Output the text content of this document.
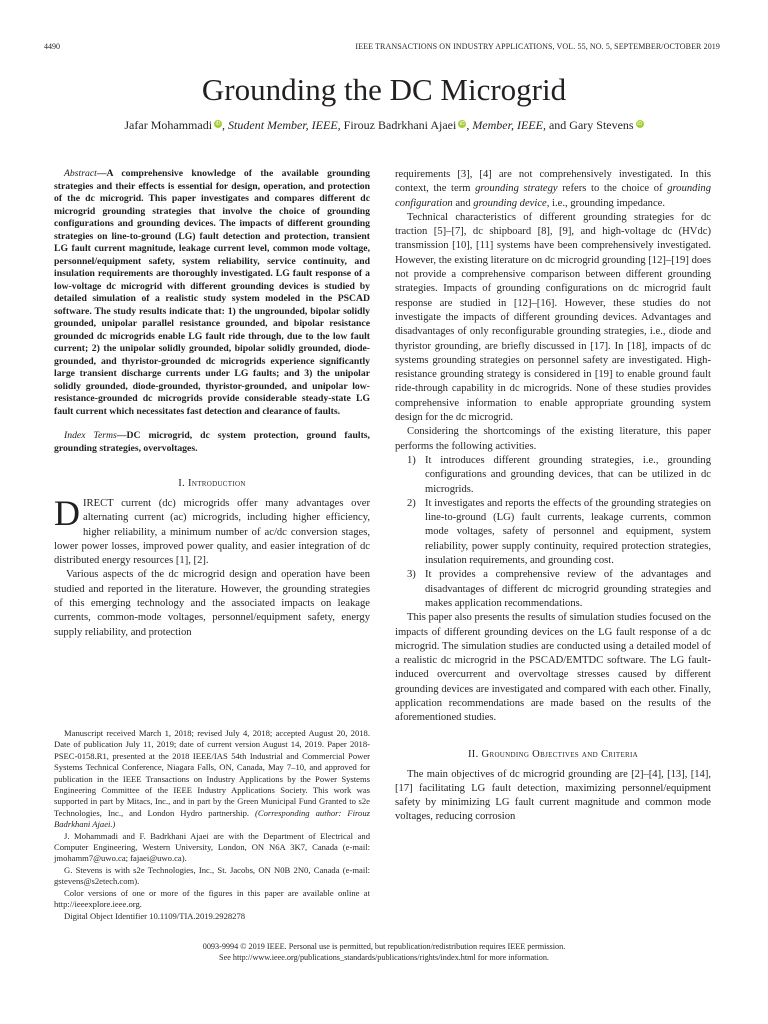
4490	IEEE TRANSACTIONS ON INDUSTRY APPLICATIONS, VOL. 55, NO. 5, SEPTEMBER/OCTOBER 2019
Grounding the DC Microgrid
Jafar Mohammadi iD , Student Member, IEEE, Firouz Badrkhani Ajaei iD , Member, IEEE, and Gary Stevens iD

Abstract—A comprehensive knowledge of the available grounding strategies and their effects is essential for design, operation, and protection of the dc microgrid. This paper investigates and compares different dc microgrid grounding strategies that involve the choice of grounding configurations and grounding devices. The impacts of different grounding strategies on line-to-ground (LG) fault detection and protection, transient LG fault current magnitude, leakage current level, common mode voltage, personnel/equipment safety, system reliability, service continuity, and insulation requirements are thoroughly investigated. LG fault response of a low-voltage dc microgrid with different grounding devices is studied by detailed simulation of a realistic study system modeled in the PSCAD software. The study results indicate that: 1) the ungrounded, bipolar solidly grounded, unipolar parallel resistance grounded, and bipolar resistance grounded dc microgrids enable LG fault ride through, due to the low fault current; 2) the unipolar solidly grounded, bipolar solidly grounded, diode-grounded, and thyristor-grounded dc microgrids experience significantly large transient discharge currents under LG faults; and 3) the unipolar solidly grounded, diode-grounded, thyristor-grounded, and unipolar low-resistance-grounded dc microgrids provide considerable steady-state LG fault current which necessitates fast detection and clearance of faults.

Index Terms—DC microgrid, dc system protection, ground faults, grounding strategies, overvoltages.

I. Introduction

DIRECT current (dc) microgrids offer many advantages over alternating current (ac) microgrids, including higher efficiency, higher reliability, a minimum number of ac/dc conversion stages, lower power losses, improved power quality, and easier integration of dc distributed energy resources [1], [2].

Various aspects of the dc microgrid design and operation have been studied and reported in the literature. However, the grounding strategies of this emerging technology and the associated impacts on leakage currents, common-mode voltages, personnel/equipment safety, energy supply reliability, and protection

Manuscript received March 1, 2018; revised July 4, 2018; accepted August 20, 2018. Date of publication July 11, 2019; date of current version August 14, 2019. Paper 2018-PSEC-0158.R1, presented at the 2018 IEEE/IAS 54th Industrial and Commercial Power Systems Technical Conference, Niagara Falls, ON, Canada, May 7–10, and approved for publication in the IEEE Transactions on Industry Applications by the Power Systems Engineering Committee of the IEEE Industry Applications Society. This work was supported in part by Mitacs, Inc., and in part by the Green Municipal Fund Granted to s2e Technologies, Inc., and London Hydro partnership. (Corresponding author: Firouz Badrkhani Ajaei.)

J. Mohammadi and F. Badrkhani Ajaei are with the Department of Electrical and Computer Engineering, Western University, London, ON N6A 3K7, Canada (e-mail: jmohamm7@uwo.ca; fajaei@uwo.ca).

G. Stevens is with s2e Technologies, Inc., St. Jacobs, ON N0B 2N0, Canada (e-mail: gstevens@s2etech.com).

Color versions of one or more of the figures in this paper are available online at http://ieeexplore.ieee.org.

Digital Object Identifier 10.1109/TIA.2019.2928278

requirements [3], [4] are not comprehensively investigated. In this context, the term grounding strategy refers to the choice of grounding configuration and grounding device, i.e., grounding impedance.

Technical characteristics of different grounding strategies for dc traction [5]–[7], dc shipboard [8], [9], and high-voltage dc (HVdc) transmission [10], [11] systems have been comprehensively investigated. However, the existing literature on dc microgrid grounding [12]–[19] does not provide a comprehensive comparison between different grounding strategies. Impacts of grounding configurations on dc microgrid fault response are studied in [12]–[16]. However, these studies do not investigate the impacts of different grounding devices. Advantages and disadvantages of only reconfigurable grounding strategies, i.e., diode and thyristor grounding, are briefly discussed in [17]. In [18], impacts of dc systems grounding strategies on personnel safety are investigated. High-resistance grounding strategy is considered in [19] to enable ground fault ride-through capability in dc microgrids. None of these studies provides comprehensive information to enable appropriate grounding system design for the dc microgrid.

Considering the shortcomings of the existing literature, this paper performs the following activities.

1) It introduces different grounding strategies, i.e., grounding configurations and grounding devices, that can be utilized in dc microgrids.
2) It investigates and reports the effects of the grounding strategies on line-to-ground (LG) fault currents, leakage currents, common mode voltages, safety of personnel and equipment, system reliability, power supply continuity, required protection strategies, insulation requirements, and grounding cost.
3) It provides a comprehensive review of the advantages and disadvantages of different dc microgrid grounding strategies and makes application recommendations.

This paper also presents the results of simulation studies focused on the impacts of different grounding devices on the LG fault response of a dc microgrid. The simulation studies are conducted using a detailed model of a realistic dc microgrid in the PSCAD/EMTDC software. The LG fault-induced overcurrent and overvoltage stresses caused by different grounding devices are investigated and compared with each other. Finally, application recommendations are made based on the results of the aforementioned studies.

II. Grounding Objectives and Criteria

The main objectives of dc microgrid grounding are [2]–[4], [13], [14], [17] facilitating LG fault detection, maximizing personnel/equipment safety by minimizing LG fault current magnitude and common mode voltages, reducing corrosion

0093-9994 © 2019 IEEE. Personal use is permitted, but republication/redistribution requires IEEE permission.
See http://www.ieee.org/publications_standards/publications/rights/index.html for more information.
